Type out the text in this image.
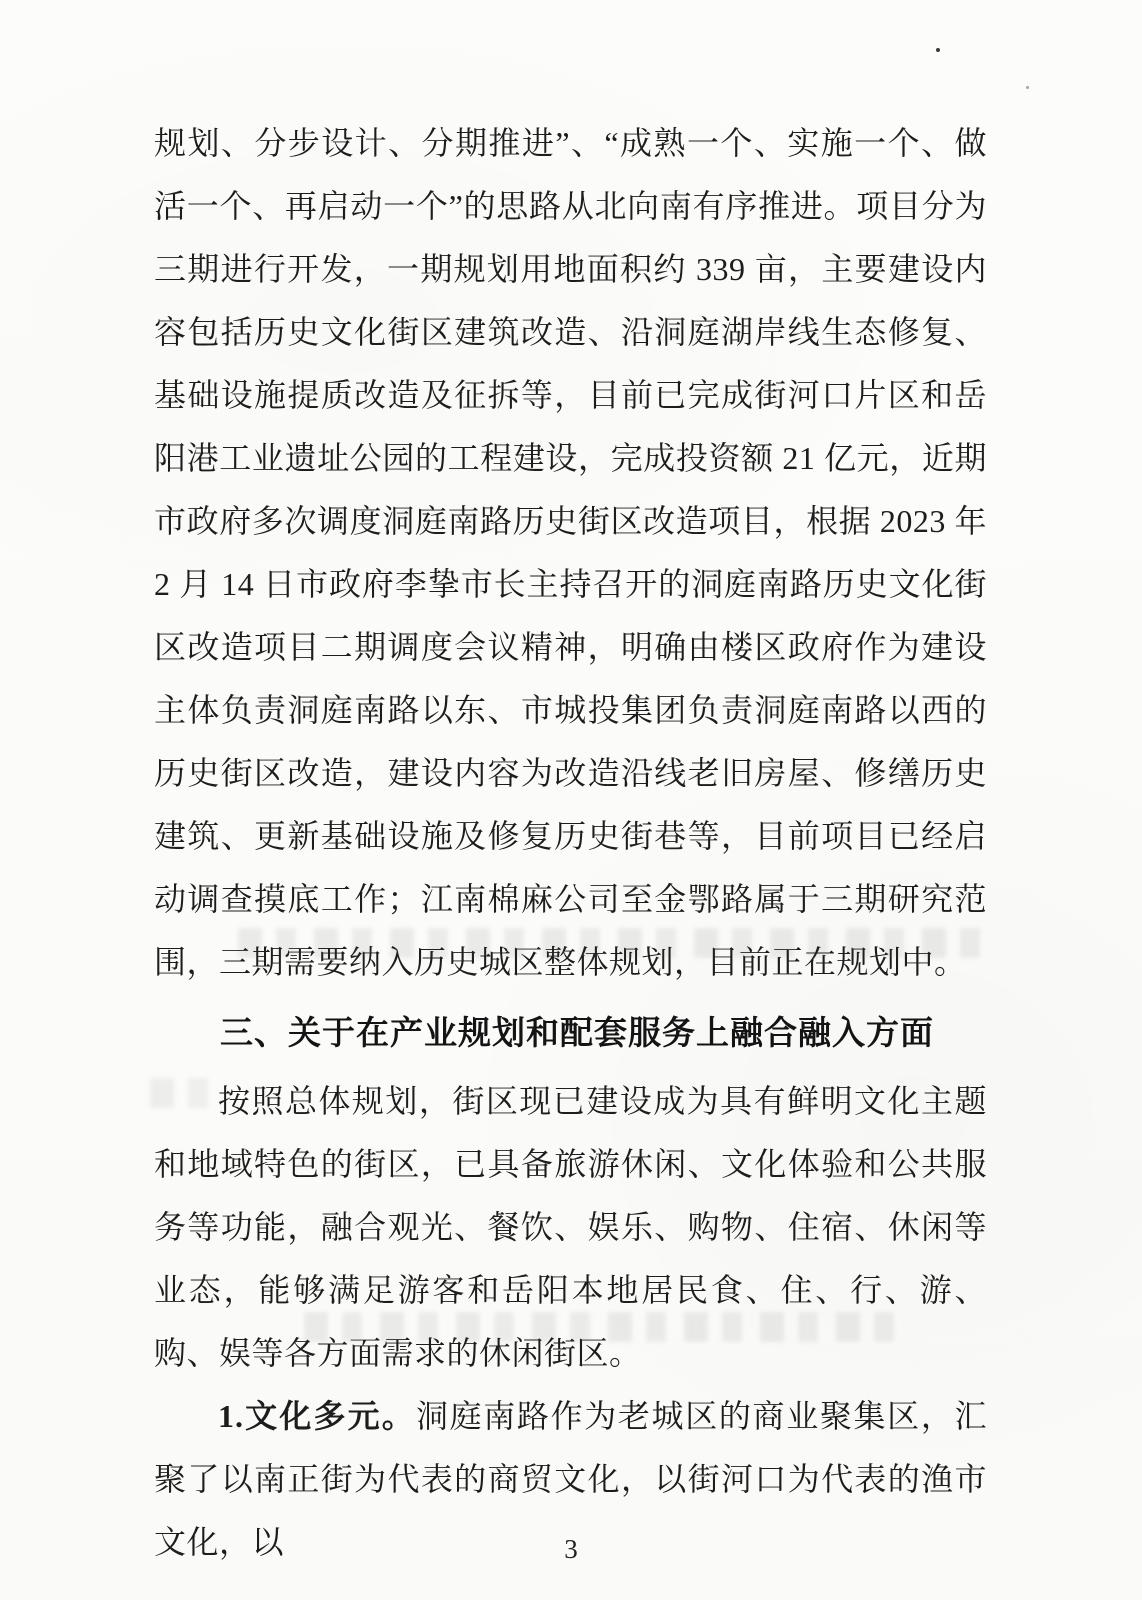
规划、分步设计、分期推进”、“成熟一个、实施一个、做活一个、再启动一个”的思路从北向南有序推进。项目分为三期进行开发，一期规划用地面积约 339 亩，主要建设内容包括历史文化街区建筑改造、沿洞庭湖岸线生态修复、基础设施提质改造及征拆等，目前已完成街河口片区和岳阳港工业遗址公园的工程建设，完成投资额 21 亿元，近期市政府多次调度洞庭南路历史街区改造项目，根据 2023 年 2 月 14 日市政府李挚市长主持召开的洞庭南路历史文化街区改造项目二期调度会议精神，明确由楼区政府作为建设主体负责洞庭南路以东、市城投集团负责洞庭南路以西的历史街区改造，建设内容为改造沿线老旧房屋、修缮历史建筑、更新基础设施及修复历史街巷等，目前项目已经启动调查摸底工作；江南棉麻公司至金鄂路属于三期研究范围，三期需要纳入历史城区整体规划，目前正在规划中。

三、关于在产业规划和配套服务上融合融入方面

按照总体规划，街区现已建设成为具有鲜明文化主题和地域特色的街区，已具备旅游休闲、文化体验和公共服务等功能，融合观光、餐饮、娱乐、购物、住宿、休闲等业态，能够满足游客和岳阳本地居民食、住、行、游、购、娱等各方面需求的休闲街区。

1.文化多元。洞庭南路作为老城区的商业聚集区，汇聚了以南正街为代表的商贸文化，以街河口为代表的渔市文化，以	3
